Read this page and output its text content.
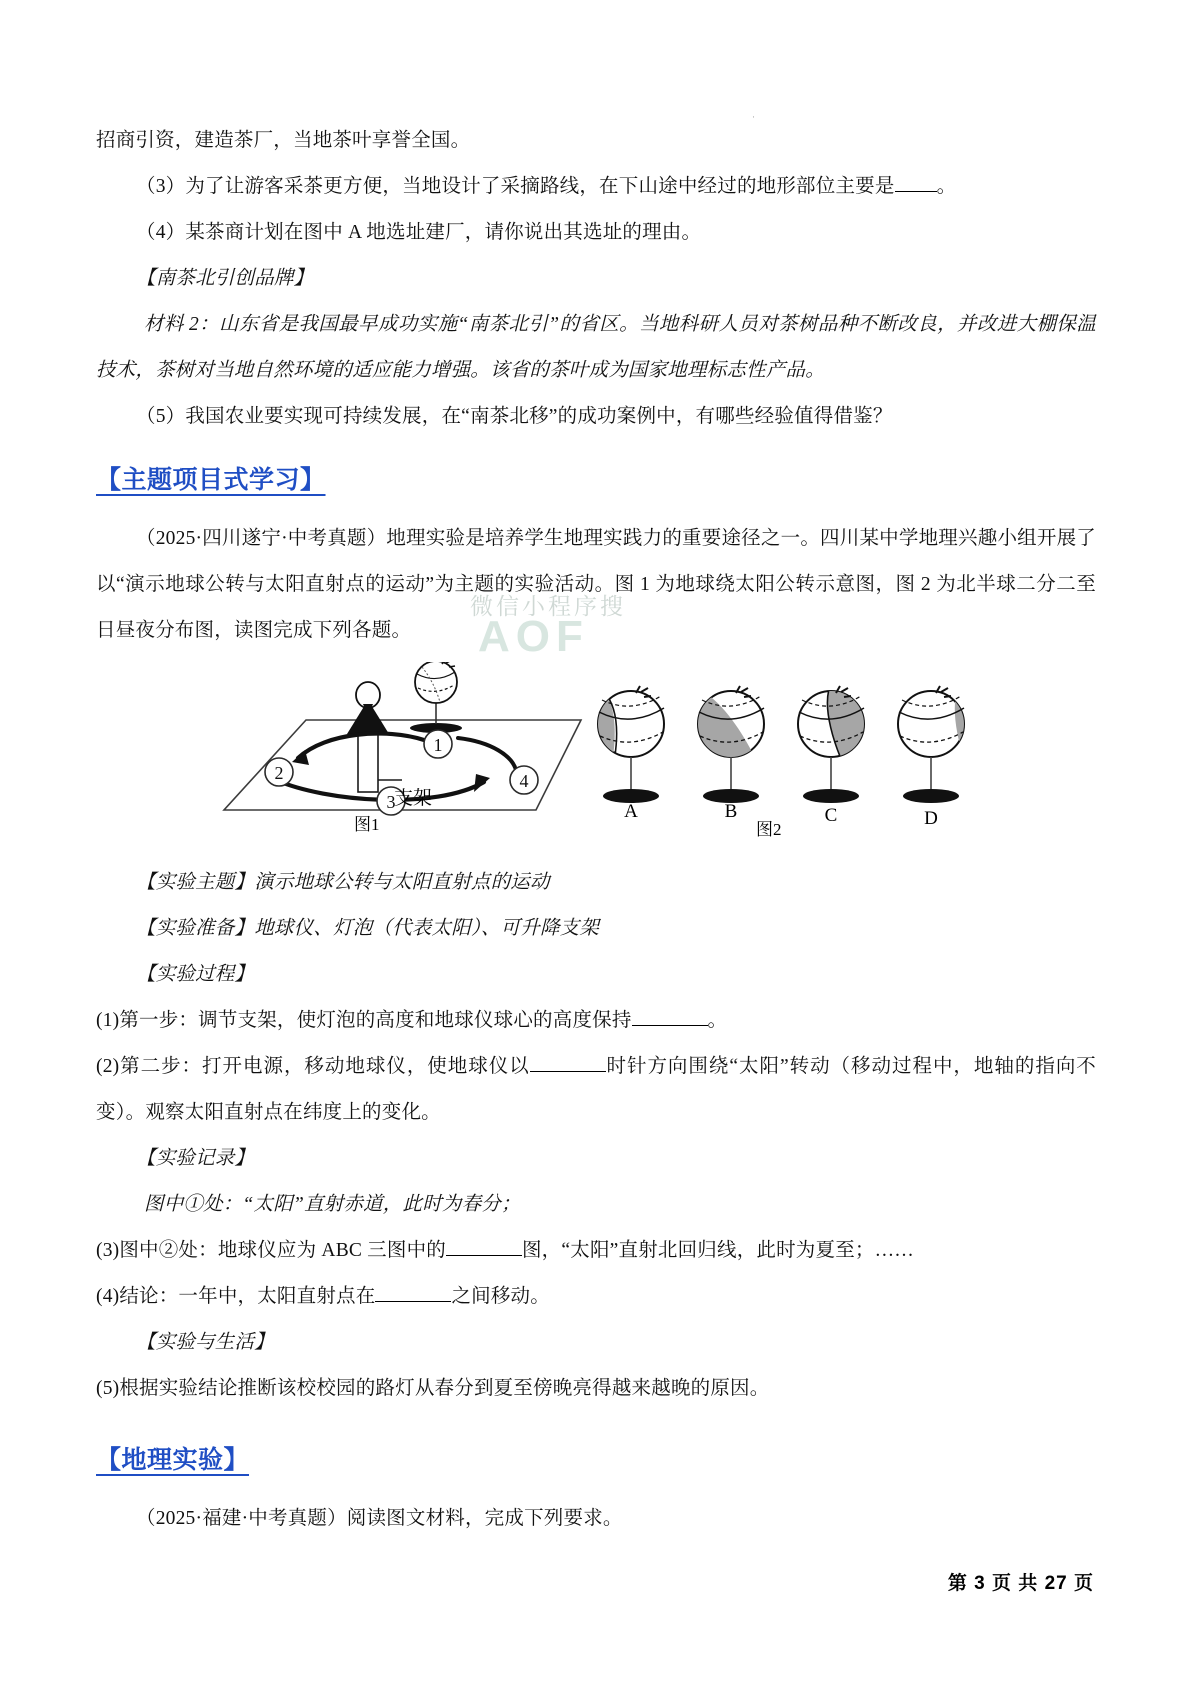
·
微信小程序搜
AOF

招商引资，建造茶厂，当地茶叶享誉全国。

（3）为了让游客采茶更方便，当地设计了采摘路线，在下山途中经过的地形部位主要是 。

（4）某茶商计划在图中 A 地选址建厂，请你说出其选址的理由。

【南茶北引创品牌】

材料 2：山东省是我国最早成功实施“南茶北引”的省区。当地科研人员对茶树品种不断改良，并改进大棚保温技术，茶树对当地自然环境的适应能力增强。该省的茶叶成为国家地理标志性产品。

（5）我国农业要实现可持续发展，在“南茶北移”的成功案例中，有哪些经验值得借鉴？

【主题项目式学习】

（2025·四川遂宁·中考真题）地理实验是培养学生地理实践力的重要途径之一。四川某中学地理兴趣小组开展了以“演示地球公转与太阳直射点的运动”为主题的实验活动。图 1 为地球绕太阳公转示意图，图 2 为北半球二分二至日昼夜分布图，读图完成下列各题。

1
2
3
4
支架
图1
A	B	C	D
图2

【实验主题】演示地球公转与太阳直射点的运动

【实验准备】地球仪、灯泡（代表太阳）、可升降支架

【实验过程】

(1)第一步：调节支架，使灯泡的高度和地球仪球心的高度保持	。

(2)第二步：打开电源，移动地球仪，使地球仪以	时针方向围绕“太阳”转动（移动过程中，地轴的指向不变）。观察太阳直射点在纬度上的变化。

【实验记录】

图中①处：“太阳”直射赤道，此时为春分；

(3)图中②处：地球仪应为 ABC 三图中的	图，“太阳”直射北回归线，此时为夏至；……

(4)结论：一年中，太阳直射点在	之间移动。

【实验与生活】

(5)根据实验结论推断该校校园的路灯从春分到夏至傍晚亮得越来越晚的原因。

【地理实验】

（2025·福建·中考真题）阅读图文材料，完成下列要求。

第 3 页 共 27 页
